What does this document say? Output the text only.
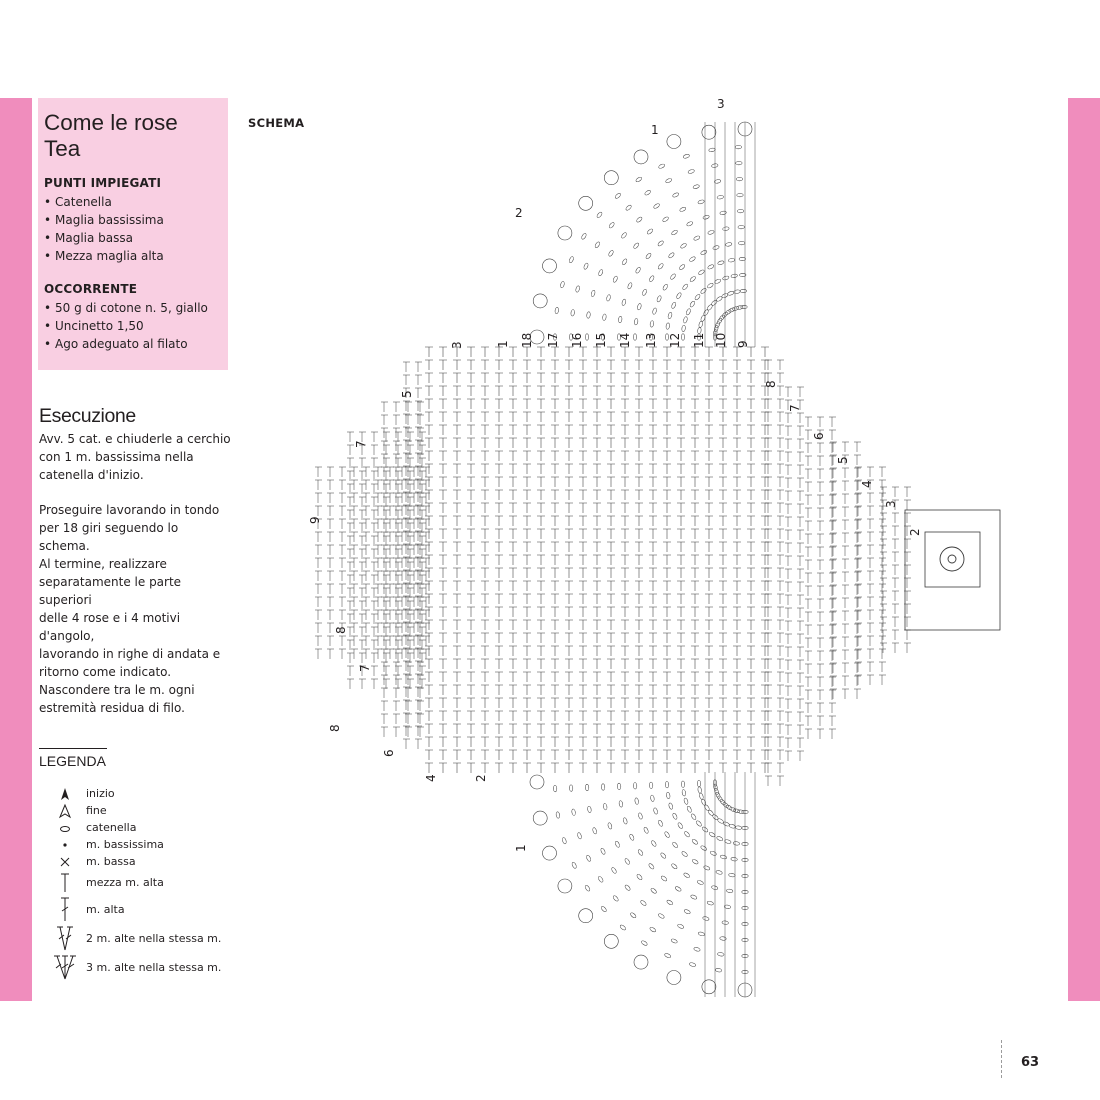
Come le rose
Tea
PUNTI IMPIEGATI
• Catenella
• Maglia bassissima
• Maglia bassa
• Mezza maglia alta
OCCORRENTE
• 50 g di cotone n. 5, giallo
• Uncinetto 1,50
• Ago adeguato al filato
Esecuzione

Avv. 5 cat. e chiuderle a cerchio
con 1 m. bassissima nella
catenella d'inizio.

Proseguire lavorando in tondo
per 18 giri seguendo lo schema.
Al termine, realizzare
separatamente le parte superiori
delle 4 rose e i 4 motivi d'angolo,
lavorando in righe di andata e
ritorno come indicato.
Nascondere tra le m. ogni
estremità residua di filo.

LEGENDA
inizio
fine
catenella
m. bassissima
m. bassa
mezza m. alta
m. alta
2 m. alte nella stessa m.
3 m. alte nella stessa m.
SCHEMA
1 18 17 16 15 14 13 12 11 10 9
8
7
6
5
4
3
2
3
5
7
9
4	2
6
8
8
7
3
1
2
1
63
